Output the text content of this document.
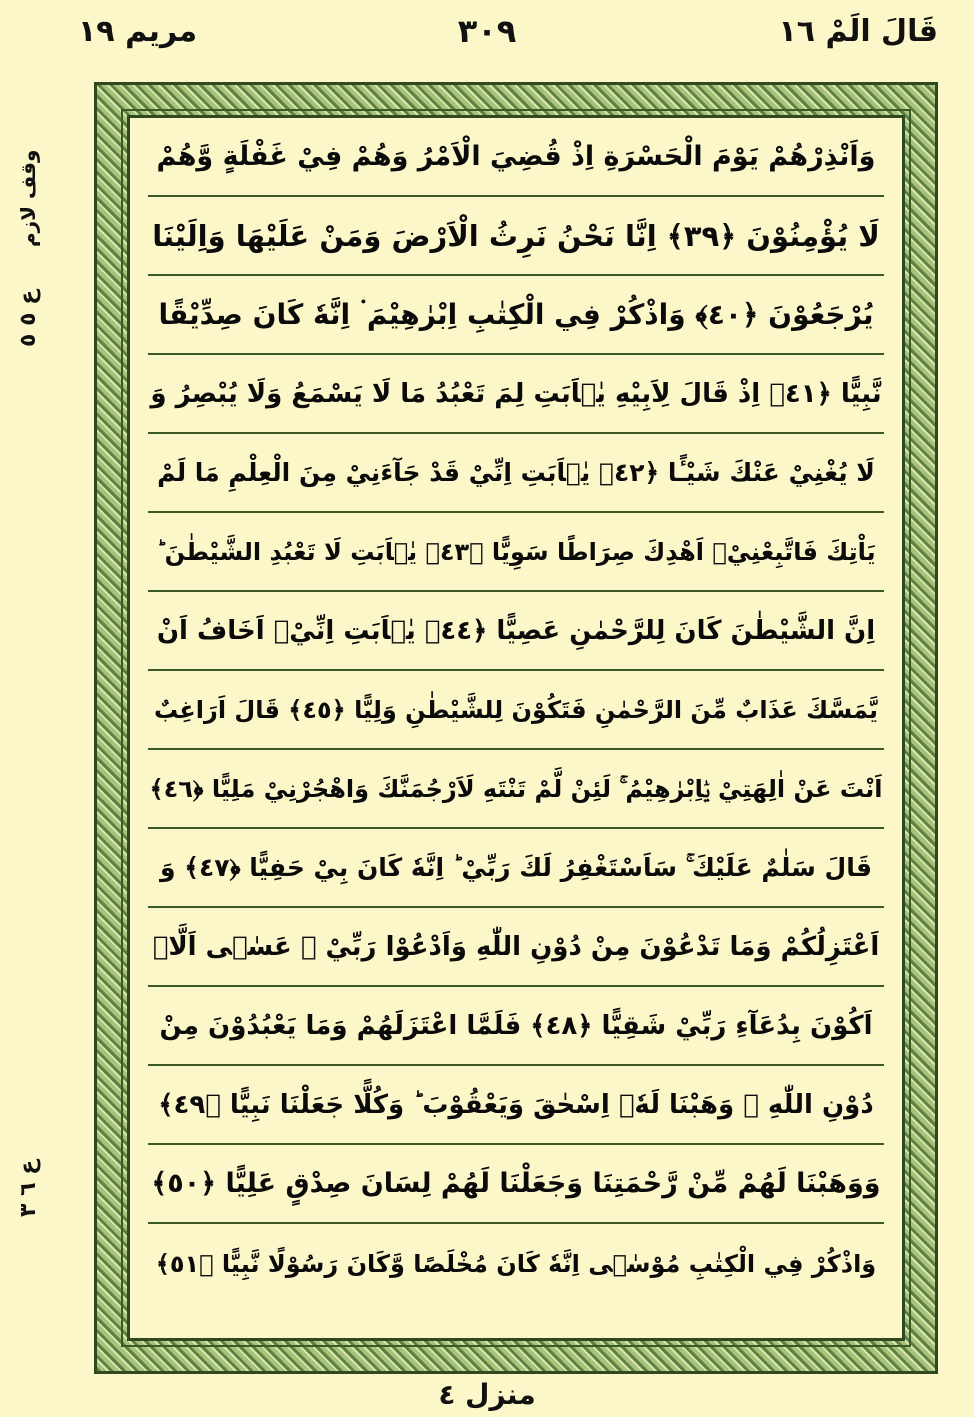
قَالَ الَمْ ١٦
٣٠٩
مريم ١٩
وقف لازم
ع ٥ ٥
ع ٦ ٣
وَاَنْذِرْهُمْ يَوْمَ الْحَسْرَةِ اِذْ قُضِيَ الْاَمْرُ وَهُمْ فِيْ غَفْلَةٍ وَّهُمْ
لَا يُؤْمِنُوْنَ ﴿٣٩﴾ اِنَّا نَحْنُ نَرِثُ الْاَرْضَ وَمَنْ عَلَيْهَا وَاِلَيْنَا
يُرْجَعُوْنَ ﴿٤٠﴾ وَاذْكُرْ فِي الْكِتٰبِ اِبْرٰهِيْمَ ۬ اِنَّهٗ كَانَ صِدِّيْقًا
نَّبِيًّا ﴿٤١﴾ اِذْ قَالَ لِاَبِيْهِ يٰۤاَبَتِ لِمَ تَعْبُدُ مَا لَا يَسْمَعُ وَلَا يُبْصِرُ وَ
لَا يُغْنِيْ عَنْكَ شَيْـًٔا ﴿٤٢﴾ يٰۤاَبَتِ اِنِّيْ قَدْ جَآءَنِيْ مِنَ الْعِلْمِ مَا لَمْ
يَاْتِكَ فَاتَّبِعْنِيْۤ اَهْدِكَ صِرَاطًا سَوِيًّا ﴿٤٣﴾ يٰۤاَبَتِ لَا تَعْبُدِ الشَّيْطٰنَ ؕ
اِنَّ الشَّيْطٰنَ كَانَ لِلرَّحْمٰنِ عَصِيًّا ﴿٤٤﴾ يٰۤاَبَتِ اِنِّيْۤ اَخَافُ اَنْ
يَّمَسَّكَ عَذَابٌ مِّنَ الرَّحْمٰنِ فَتَكُوْنَ لِلشَّيْطٰنِ وَلِيًّا ﴿٤٥﴾ قَالَ اَرَاغِبٌ
اَنْتَ عَنْ اٰلِهَتِيْ يٰۤاِبْرٰهِيْمُ ۚ لَئِنْ لَّمْ تَنْتَهِ لَاَرْجُمَنَّكَ وَاهْجُرْنِيْ مَلِيًّا ﴿٤٦﴾
قَالَ سَلٰمٌ عَلَيْكَ ۚ سَاَسْتَغْفِرُ لَكَ رَبِّيْ ؕ اِنَّهٗ كَانَ بِيْ حَفِيًّا ﴿٤٧﴾ وَ
اَعْتَزِلُكُمْ وَمَا تَدْعُوْنَ مِنْ دُوْنِ اللّٰهِ وَاَدْعُوْا رَبِّيْ ۖ عَسٰۤى اَلَّاۤ
اَكُوْنَ بِدُعَآءِ رَبِّيْ شَقِيًّا ﴿٤٨﴾ فَلَمَّا اعْتَزَلَهُمْ وَمَا يَعْبُدُوْنَ مِنْ
دُوْنِ اللّٰهِ ۙ وَهَبْنَا لَهٗۤ اِسْحٰقَ وَيَعْقُوْبَ ؕ وَكُلًّا جَعَلْنَا نَبِيًّا ﴿٤٩﴾
وَوَهَبْنَا لَهُمْ مِّنْ رَّحْمَتِنَا وَجَعَلْنَا لَهُمْ لِسَانَ صِدْقٍ عَلِيًّا ﴿٥٠﴾
وَاذْكُرْ فِي الْكِتٰبِ مُوْسٰۤى اِنَّهٗ كَانَ مُخْلَصًا وَّكَانَ رَسُوْلًا نَّبِيًّا ﴿٥١﴾
منزل ٤
